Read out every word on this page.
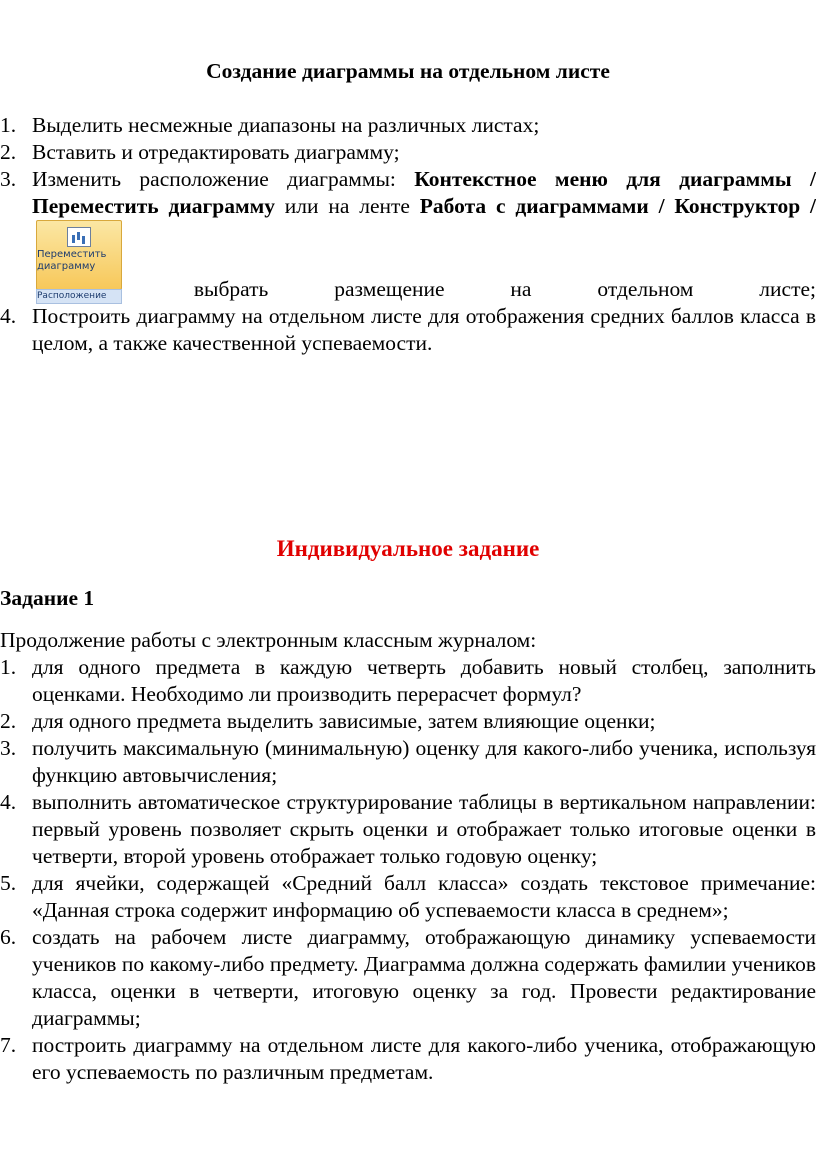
Создание диаграммы на отдельном листе
1. Выделить несмежные диапазоны на различных листах;
2. Вставить и отредактировать диаграмму;
3. Изменить расположение диаграммы: Контекстное меню для диаграммы / Переместить диаграмму или на ленте Работа с диаграммами / Конструктор /
Переместить
диаграмму
Расположение	выбрать размещение на отдельном листе;
4. Построить диаграмму на отдельном листе для отображения средних баллов класса в целом, а также качественной успеваемости.
Индивидуальное задание
Задание 1
Продолжение работы с электронным классным журналом:
1. для одного предмета в каждую четверть добавить новый столбец, заполнить оценками. Необходимо ли производить перерасчет формул?
2. для одного предмета выделить зависимые, затем влияющие оценки;
3. получить максимальную (минимальную) оценку для какого-либо ученика, используя функцию автовычисления;
4. выполнить автоматическое структурирование таблицы в вертикальном направлении: первый уровень позволяет скрыть оценки и отображает только итоговые оценки в четверти, второй уровень отображает только годовую оценку;
5. для ячейки, содержащей «Средний балл класса» создать текстовое примечание: «Данная строка содержит информацию об успеваемости класса в среднем»;
6. создать на рабочем листе диаграмму, отображающую динамику успеваемости учеников по какому-либо предмету. Диаграмма должна содержать фамилии учеников класса, оценки в четверти, итоговую оценку за год. Провести редактирование диаграммы;
7. построить диаграмму на отдельном листе для какого-либо ученика, отображающую его успеваемость по различным предметам.
